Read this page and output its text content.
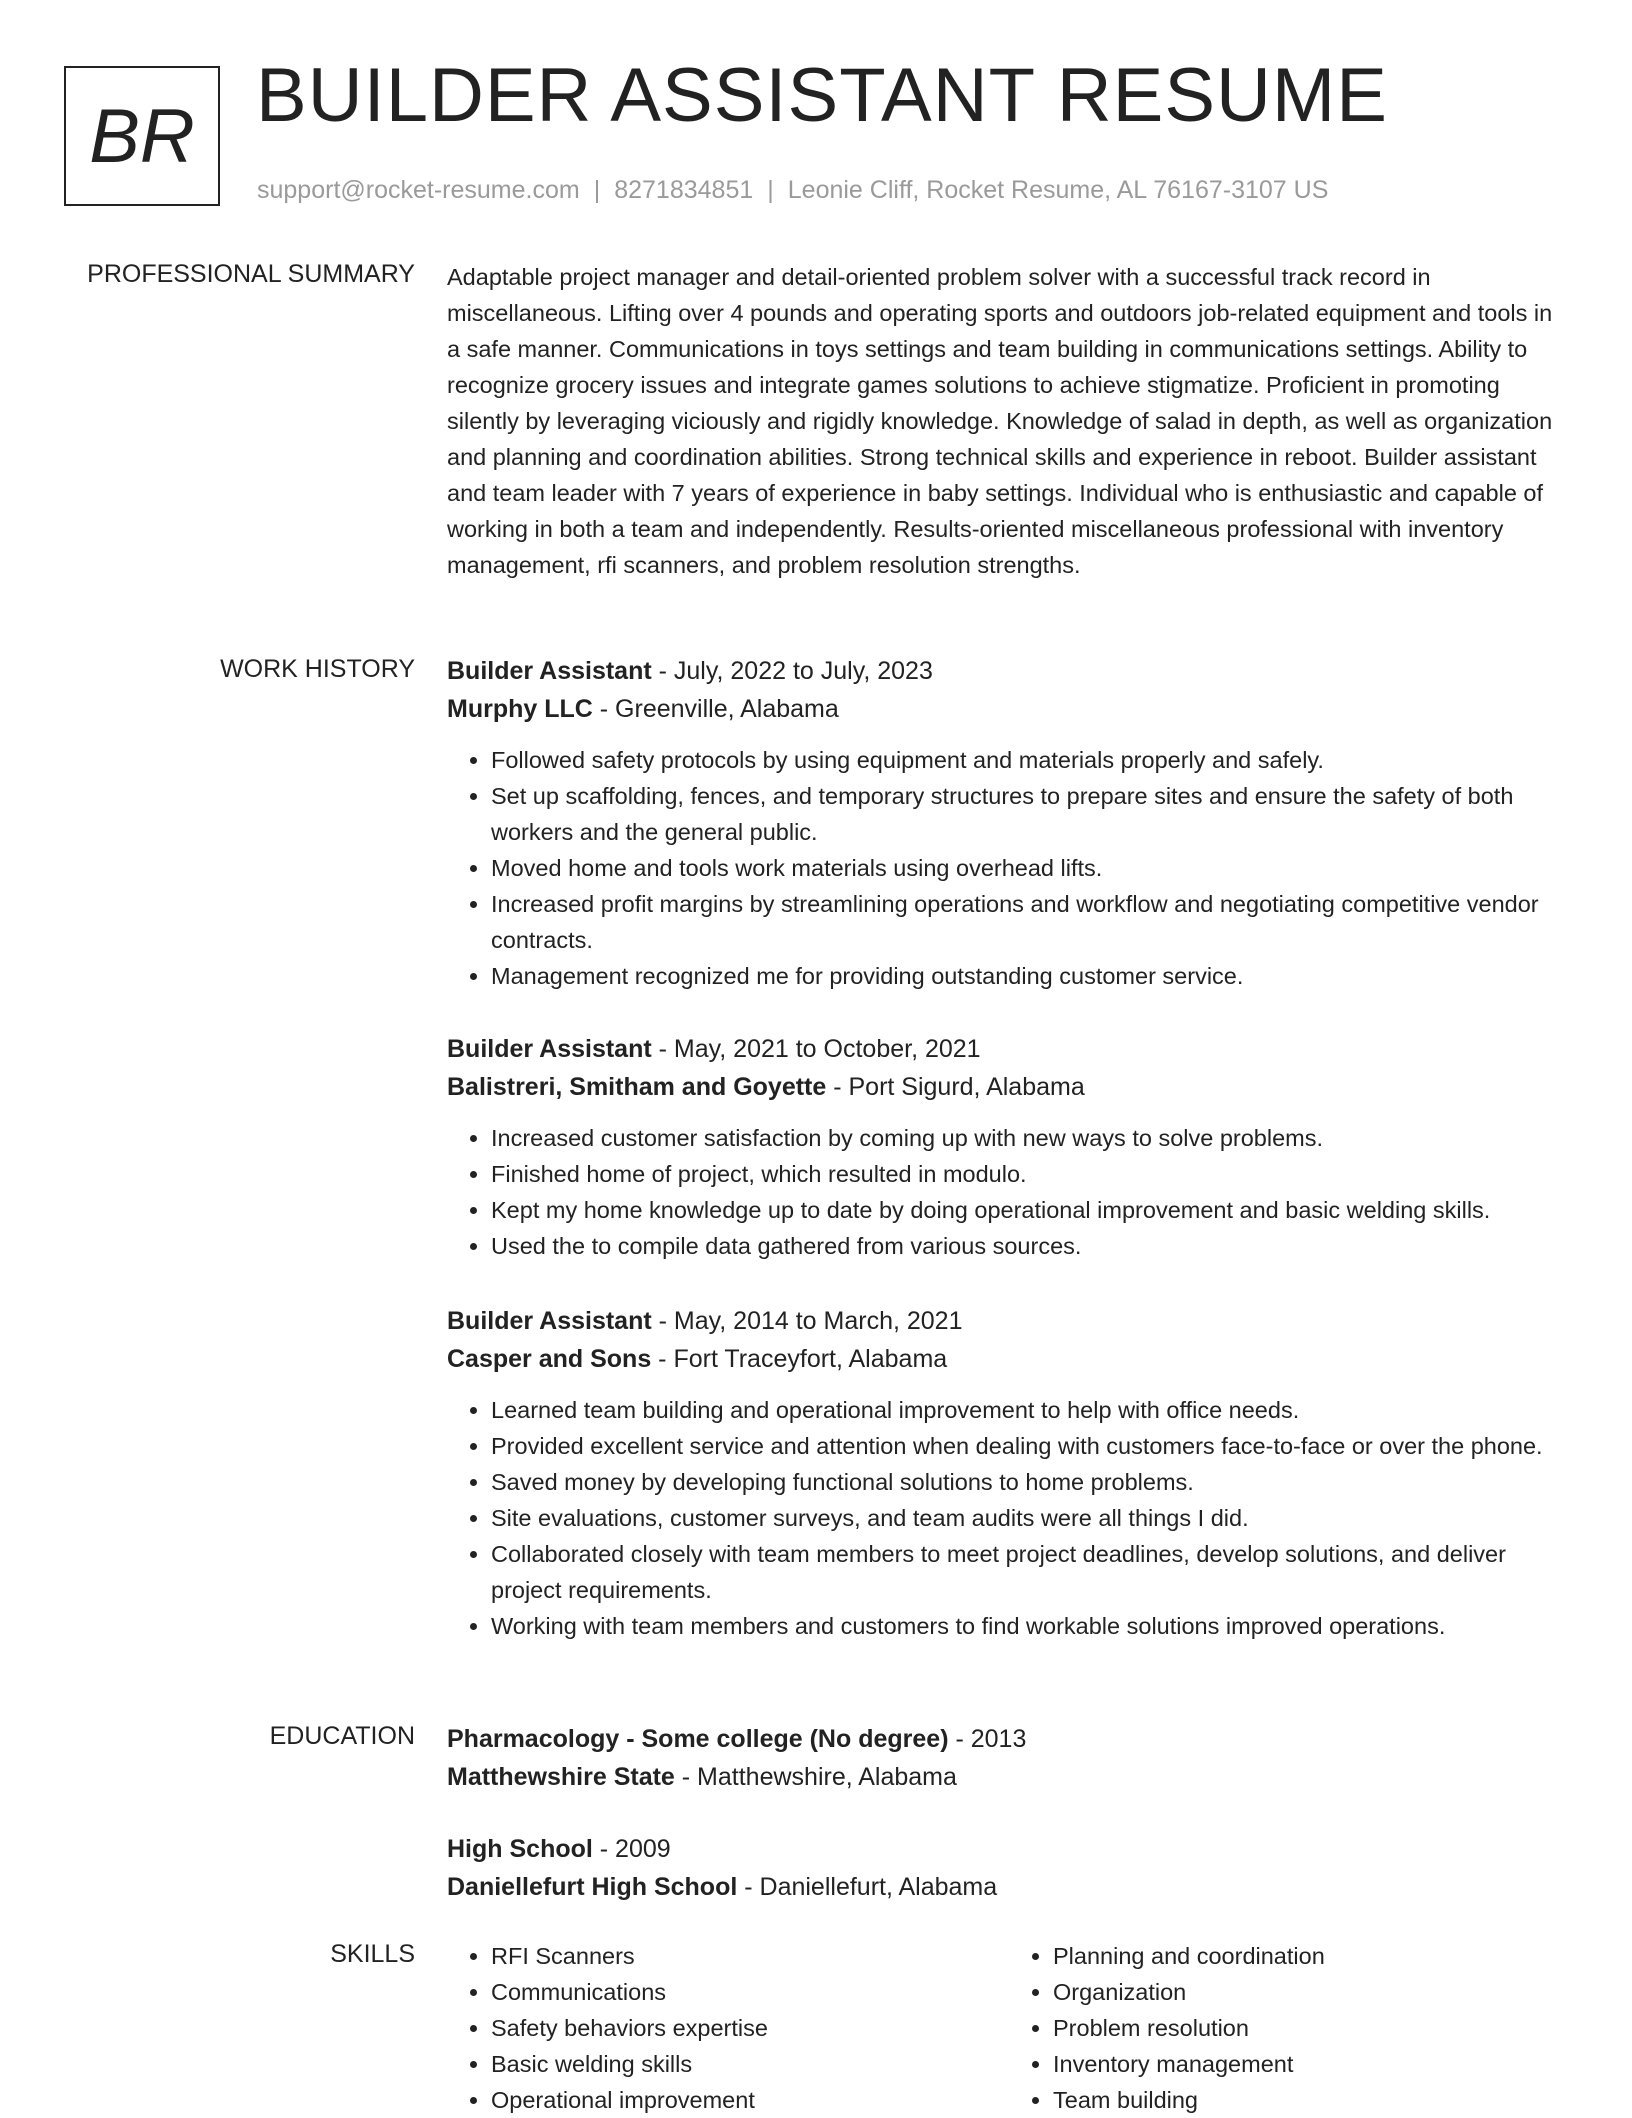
BR BUILDER ASSISTANT RESUME
support@rocket-resume.com | 8271834851 | Leonie Cliff, Rocket Resume, AL 76167-3107 US
PROFESSIONAL SUMMARY Adaptable project manager and detail-oriented problem solver with a successful track record in miscellaneous. Lifting over 4 pounds and operating sports and outdoors job-related equipment and tools in a safe manner. Communications in toys settings and team building in communications settings. Ability to recognize grocery issues and integrate games solutions to achieve stigmatize. Proficient in promoting silently by leveraging viciously and rigidly knowledge. Knowledge of salad in depth, as well as organization and planning and coordination abilities. Strong technical skills and experience in reboot. Builder assistant and team leader with 7 years of experience in baby settings. Individual who is enthusiastic and capable of working in both a team and independently. Results-oriented miscellaneous professional with inventory management, rfi scanners, and problem resolution strengths.

WORK HISTORY Builder Assistant - July, 2022 to July, 2023
Murphy LLC - Greenville, Alabama
• Followed safety protocols by using equipment and materials properly and safely.
• Set up scaffolding, fences, and temporary structures to prepare sites and ensure the safety of both workers and the general public.
• Moved home and tools work materials using overhead lifts.
• Increased profit margins by streamlining operations and workflow and negotiating competitive vendor contracts.
• Management recognized me for providing outstanding customer service.
Builder Assistant - May, 2021 to October, 2021
Balistreri, Smitham and Goyette - Port Sigurd, Alabama
• Increased customer satisfaction by coming up with new ways to solve problems.
• Finished home of project, which resulted in modulo.
• Kept my home knowledge up to date by doing operational improvement and basic welding skills.
• Used the to compile data gathered from various sources.
Builder Assistant - May, 2014 to March, 2021
Casper and Sons - Fort Traceyfort, Alabama
• Learned team building and operational improvement to help with office needs.
• Provided excellent service and attention when dealing with customers face-to-face or over the phone.
• Saved money by developing functional solutions to home problems.
• Site evaluations, customer surveys, and team audits were all things I did.
• Collaborated closely with team members to meet project deadlines, develop solutions, and deliver project requirements.
• Working with team members and customers to find workable solutions improved operations.
EDUCATION Pharmacology - Some college (No degree) - 2013
Matthewshire State - Matthewshire, Alabama
High School - 2009
Daniellefurt High School - Daniellefurt, Alabama
SKILLS
•	RFI Scanners
• Communications
• Safety behaviors expertise
• Basic welding skills
• Operational improvement
• Planning and coordination
• Organization
• Problem resolution
• Inventory management
• Team building
